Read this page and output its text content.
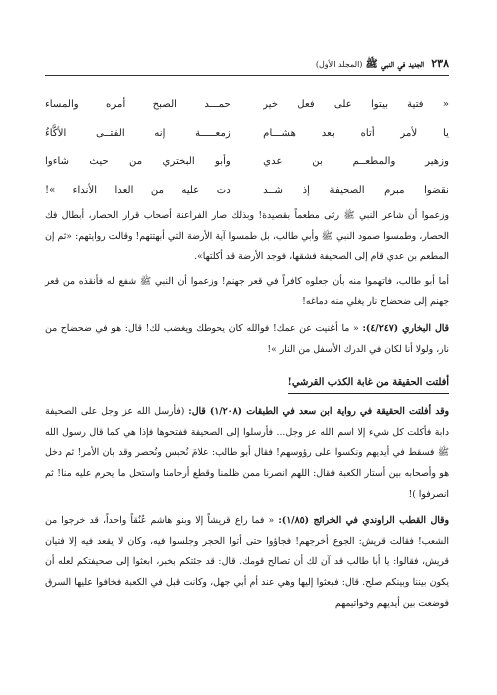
٢٣٨ الجديد في النبي ﷺ (المجلد الأول)
« فتية بيتوا على فعل خير
حمـــد الصبح أمره والمساء
يا لأمر أتاه بعد هشـــام
زمعـــــة إنه الفتــى الأكَّاءُ
وزهير والمطعــم بن عدي
وأبو البختري من حيث شاءوا
نقضوا مبرم الصحيفة إذ شــد
دت عليه من العدا الأنداء »!

وزعموا أن شاعر النبي ﷺ رثى مطعماً بقصيدة! وبذلك صار الفراعنة أصحاب قرار الحصار، أبطال فك الحصار، وطمسوا صمود النبي ﷺ وأبي طالب، بل طمسوا آية الأرضة التي أبهتتهم! وقالت روايتهم: «ثم إن المطعم بن عدي قام إلى الصحيفة فشقها، فوجد الأرضة قد أكلتها».

أما أبو طالب، فاتهموا منه بأن جعلوه كافراً في قعر جهنم! وزعموا أن النبي ﷺ شفع له فأنقذه من قعر جهنم إلى ضحضاح نار يغلي منه دماغه!

قال البخاري (٤/٢٤٧): « ما أغنيت عن عمك! فوالله كان يحوطك ويغضب لك! قال: هو في ضحضاح من نار، ولولا أنا لكان في الدرك الأسفل من النار »!

أفلتت الحقيقة من غابة الكذب القرشي!

وقد أفلتت الحقيقة في رواية ابن سعد في الطبقات (١/٢٠٨) قال: (فأرسل الله عز وجل على الصحيفة دابة فأكلت كل شيء إلا اسم الله عز وجل... فأرسلوا إلى الصحيفة ففتحوها فإذا هي كما قال رسول الله ﷺ فسقط في أيديهم ونكسوا على رؤوسهم! فقال أبو طالب: علامَ نُحبس ونُحصر وقد بان الأمر! ثم دخل هو وأصحابه بين أستار الكعبة فقال: اللهم انصرنا ممن ظلمنا وقطع أرحامنا واستحل ما يحرم عليه منا! ثم انصرفوا )!

وقال القطب الراوندي في الخرائج (١/٨٥): « فما راع قريشاً إلا وبنو هاشم عُنُقاً واحداً، قد خرجوا من الشعب! فقالت قريش: الجوع أخرجهم! فجاؤوا حتى أتوا الحجر وجلسوا فيه، وكان لا يقعد فيه إلا فتيان قريش، فقالوا: يا أبا طالب قد آن لك أن تصالح قومك. قال: قد جئتكم بخبر، ابعثوا إلى صحيفتكم لعله أن يكون بيننا وبينكم صلح. قال: فبعثوا إليها وهي عند أم أبي جهل، وكانت قبل في الكعبة فخافوا عليها السرق فوضعت بين أيديهم وخواتيمهم
